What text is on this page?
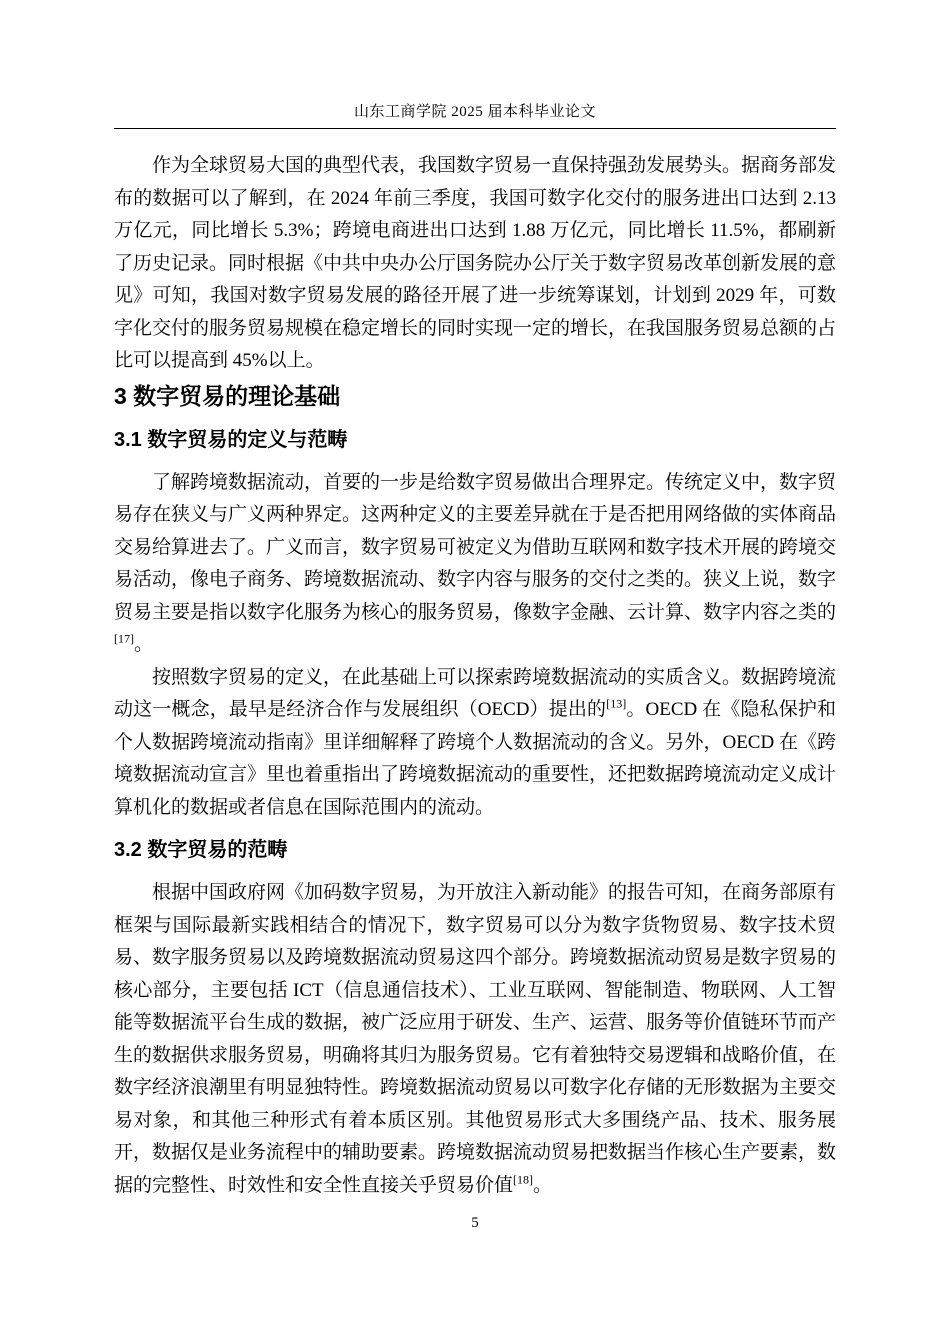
山东工商学院 2025 届本科毕业论文

作为全球贸易大国的典型代表，我国数字贸易一直保持强劲发展势头。据商务部发布的数据可以了解到，在 2024 年前三季度，我国可数字化交付的服务进出口达到 2.13 万亿元，同比增长 5.3%；跨境电商进出口达到 1.88 万亿元，同比增长 11.5%，都刷新了历史记录。同时根据《中共中央办公厅国务院办公厅关于数字贸易改革创新发展的意见》可知，我国对数字贸易发展的路径开展了进一步统筹谋划，计划到 2029 年，可数字化交付的服务贸易规模在稳定增长的同时实现一定的增长，在我国服务贸易总额的占比可以提高到 45%以上。

3 数字贸易的理论基础
3.1 数字贸易的定义与范畴

了解跨境数据流动，首要的一步是给数字贸易做出合理界定。传统定义中，数字贸易存在狭义与广义两种界定。这两种定义的主要差异就在于是否把用网络做的实体商品交易给算进去了。广义而言，数字贸易可被定义为借助互联网和数字技术开展的跨境交易活动，像电子商务、跨境数据流动、数字内容与服务的交付之类的。狭义上说，数字贸易主要是指以数字化服务为核心的服务贸易，像数字金融、云计算、数字内容之类的[17]。

按照数字贸易的定义，在此基础上可以探索跨境数据流动的实质含义。数据跨境流动这一概念，最早是经济合作与发展组织（OECD）提出的[13]。OECD 在《隐私保护和个人数据跨境流动指南》里详细解释了跨境个人数据流动的含义。另外，OECD 在《跨境数据流动宣言》里也着重指出了跨境数据流动的重要性，还把数据跨境流动定义成计算机化的数据或者信息在国际范围内的流动。

3.2 数字贸易的范畴

根据中国政府网《加码数字贸易，为开放注入新动能》的报告可知，在商务部原有框架与国际最新实践相结合的情况下，数字贸易可以分为数字货物贸易、数字技术贸易、数字服务贸易以及跨境数据流动贸易这四个部分。跨境数据流动贸易是数字贸易的核心部分，主要包括 ICT（信息通信技术）、工业互联网、智能制造、物联网、人工智能等数据流平台生成的数据，被广泛应用于研发、生产、运营、服务等价值链环节而产生的数据供求服务贸易，明确将其归为服务贸易。它有着独特交易逻辑和战略价值，在数字经济浪潮里有明显独特性。跨境数据流动贸易以可数字化存储的无形数据为主要交易对象，和其他三种形式有着本质区别。其他贸易形式大多围绕产品、技术、服务展开，数据仅是业务流程中的辅助要素。跨境数据流动贸易把数据当作核心生产要素，数据的完整性、时效性和安全性直接关乎贸易价值[18]。

5
